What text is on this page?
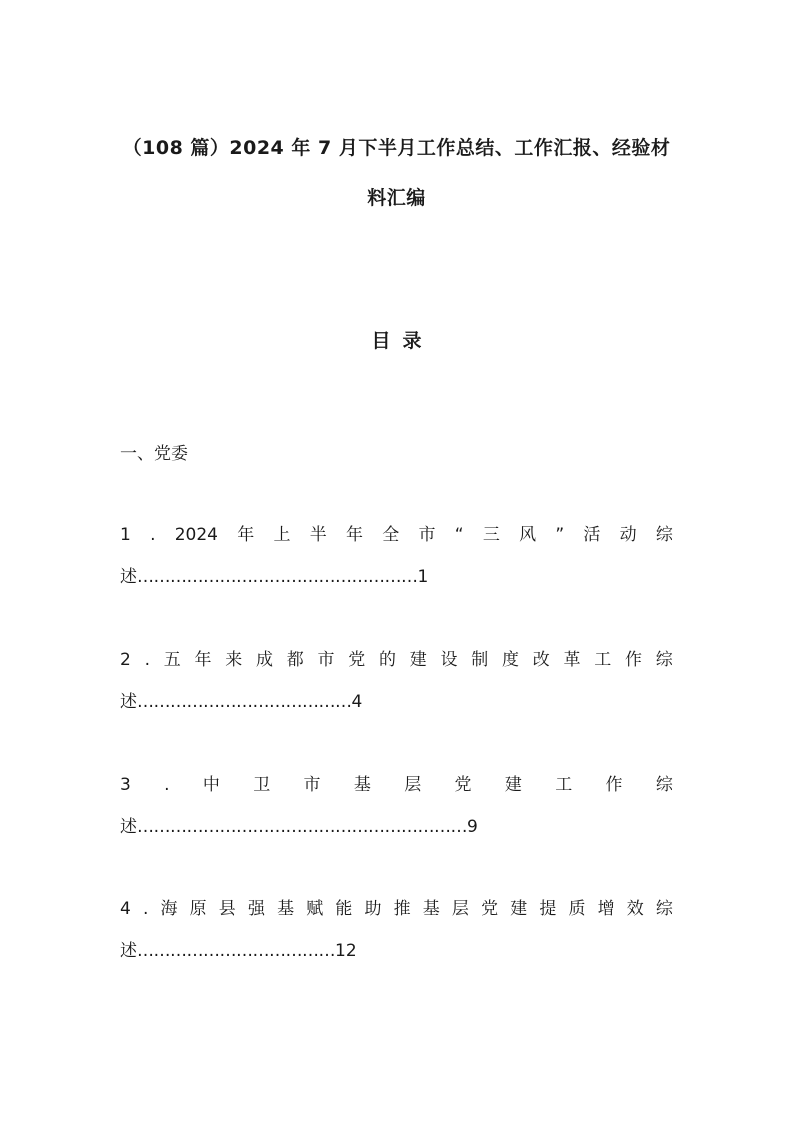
（108 篇）2024 年 7 月下半月工作总结、工作汇报、经验材
料汇编
目录
一、党委
1 . 2024 年 上 半 年 全 市 “ 三 风 ” 活 动 综
述……………………………………………1
2 . 五 年 来 成 都 市 党 的 建 设 制 度 改 革 工 作 综
述…………………………………4
3 . 中 卫 市 基 层 党 建 工 作 综
述……………………………………………………9
4 . 海 原 县 强 基 赋 能 助 推 基 层 党 建 提 质 增 效 综
述………………………………12
